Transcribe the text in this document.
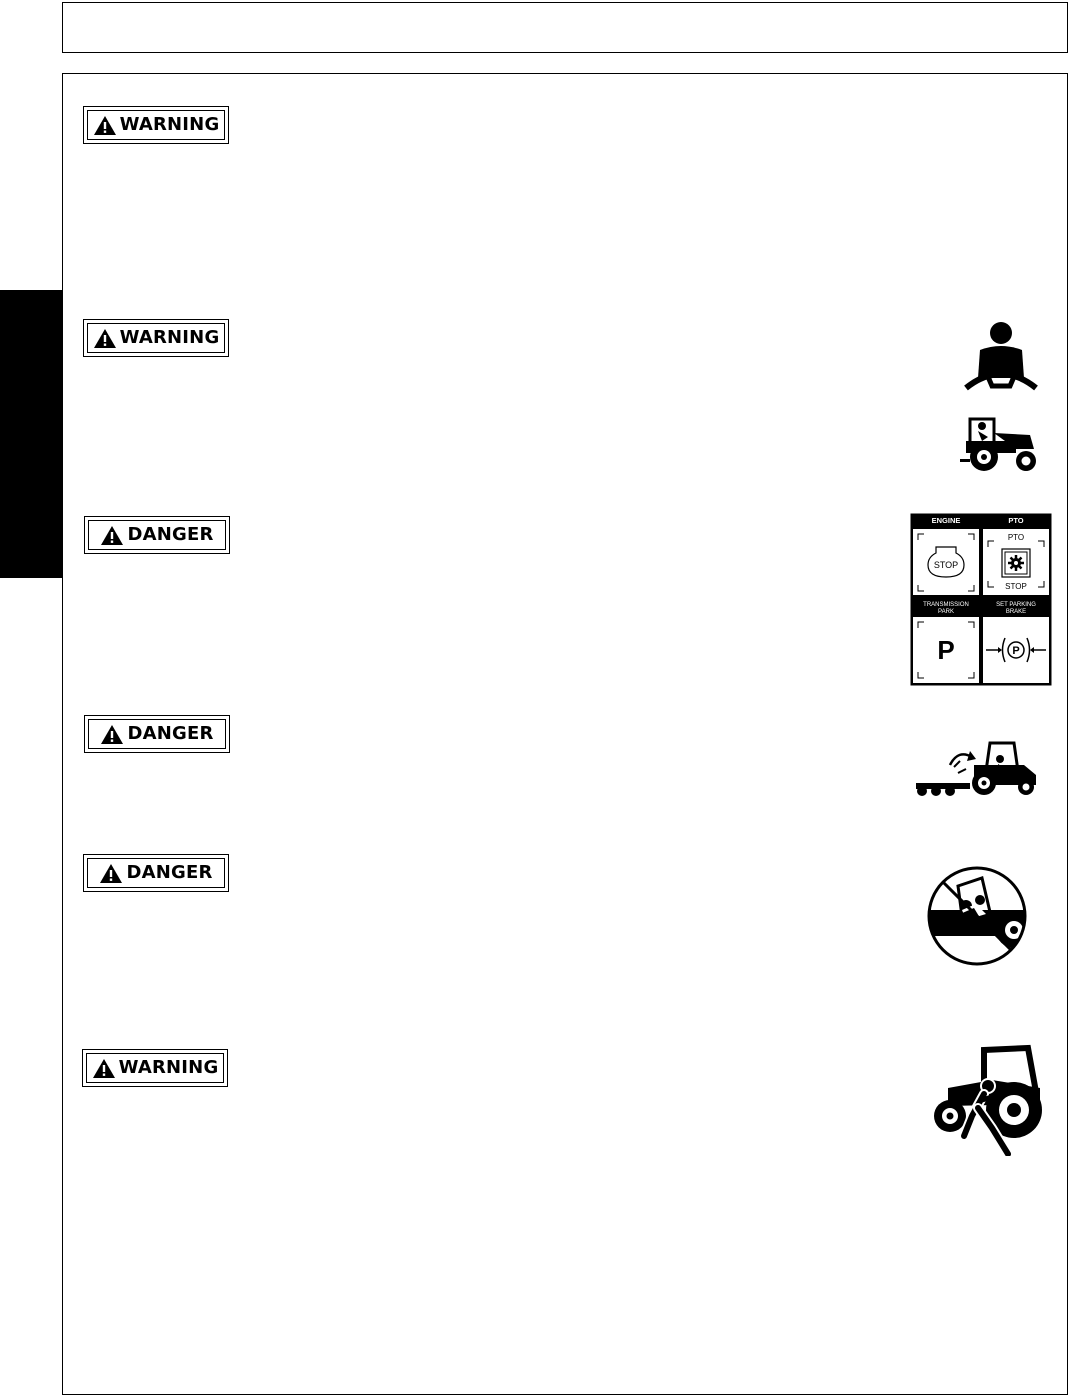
WARNING
WARNING
DANGER
DANGER
DANGER
WARNING
ENGINE	PTO
STOP
PTO
STOP
TRANSMISSION
PARK
SET PARKING
BRAKE
P	P
